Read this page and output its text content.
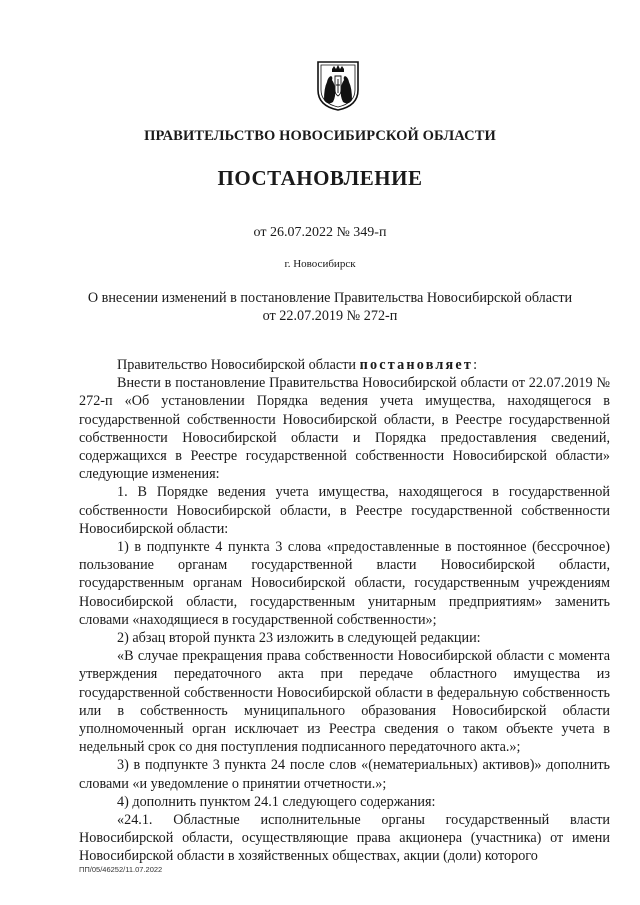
ПРАВИТЕЛЬСТВО НОВОСИБИРСКОЙ ОБЛАСТИ
ПОСТАНОВЛЕНИЕ
от 26.07.2022 № 349-п
г. Новосибирск
О внесении изменений в постановление Правительства Новосибирской области
от 22.07.2019 № 272-п

Правительство Новосибирской области постановляет:

Внести в постановление Правительства Новосибирской области от 22.07.2019 № 272-п «Об установлении Порядка ведения учета имущества, находящегося в государственной собственности Новосибирской области, в Реестре государственной собственности Новосибирской области и Порядка предоставления сведений, содержащихся в Реестре государственной собственности Новосибирской области» следующие изменения:

1. В Порядке ведения учета имущества, находящегося в государственной собственности Новосибирской области, в Реестре государственной собственности Новосибирской области:

1) в подпункте 4 пункта 3 слова «предоставленные в постоянное (бессрочное) пользование органам государственной власти Новосибирской области, государственным органам Новосибирской области, государственным учреждениям Новосибирской области, государственным унитарным предприятиям» заменить словами «находящиеся в государственной собственности»;

2) абзац второй пункта 23 изложить в следующей редакции:

«В случае прекращения права собственности Новосибирской области с момента утверждения передаточного акта при передаче областного имущества из государственной собственности Новосибирской области в федеральную собственность или в собственность муниципального образования Новосибирской области уполномоченный орган исключает из Реестра сведения о таком объекте учета в недельный срок со дня поступления подписанного передаточного акта.»;

3) в подпункте 3 пункта 24 после слов «(нематериальных) активов)» дополнить словами «и уведомление о принятии отчетности.»;

4) дополнить пунктом 24.1 следующего содержания:

«24.1. Областные исполнительные органы государственный власти Новосибирской области, осуществляющие права акционера (участника) от имени Новосибирской области в хозяйственных обществах, акции (доли) которого

ПП/05/46252/11.07.2022
